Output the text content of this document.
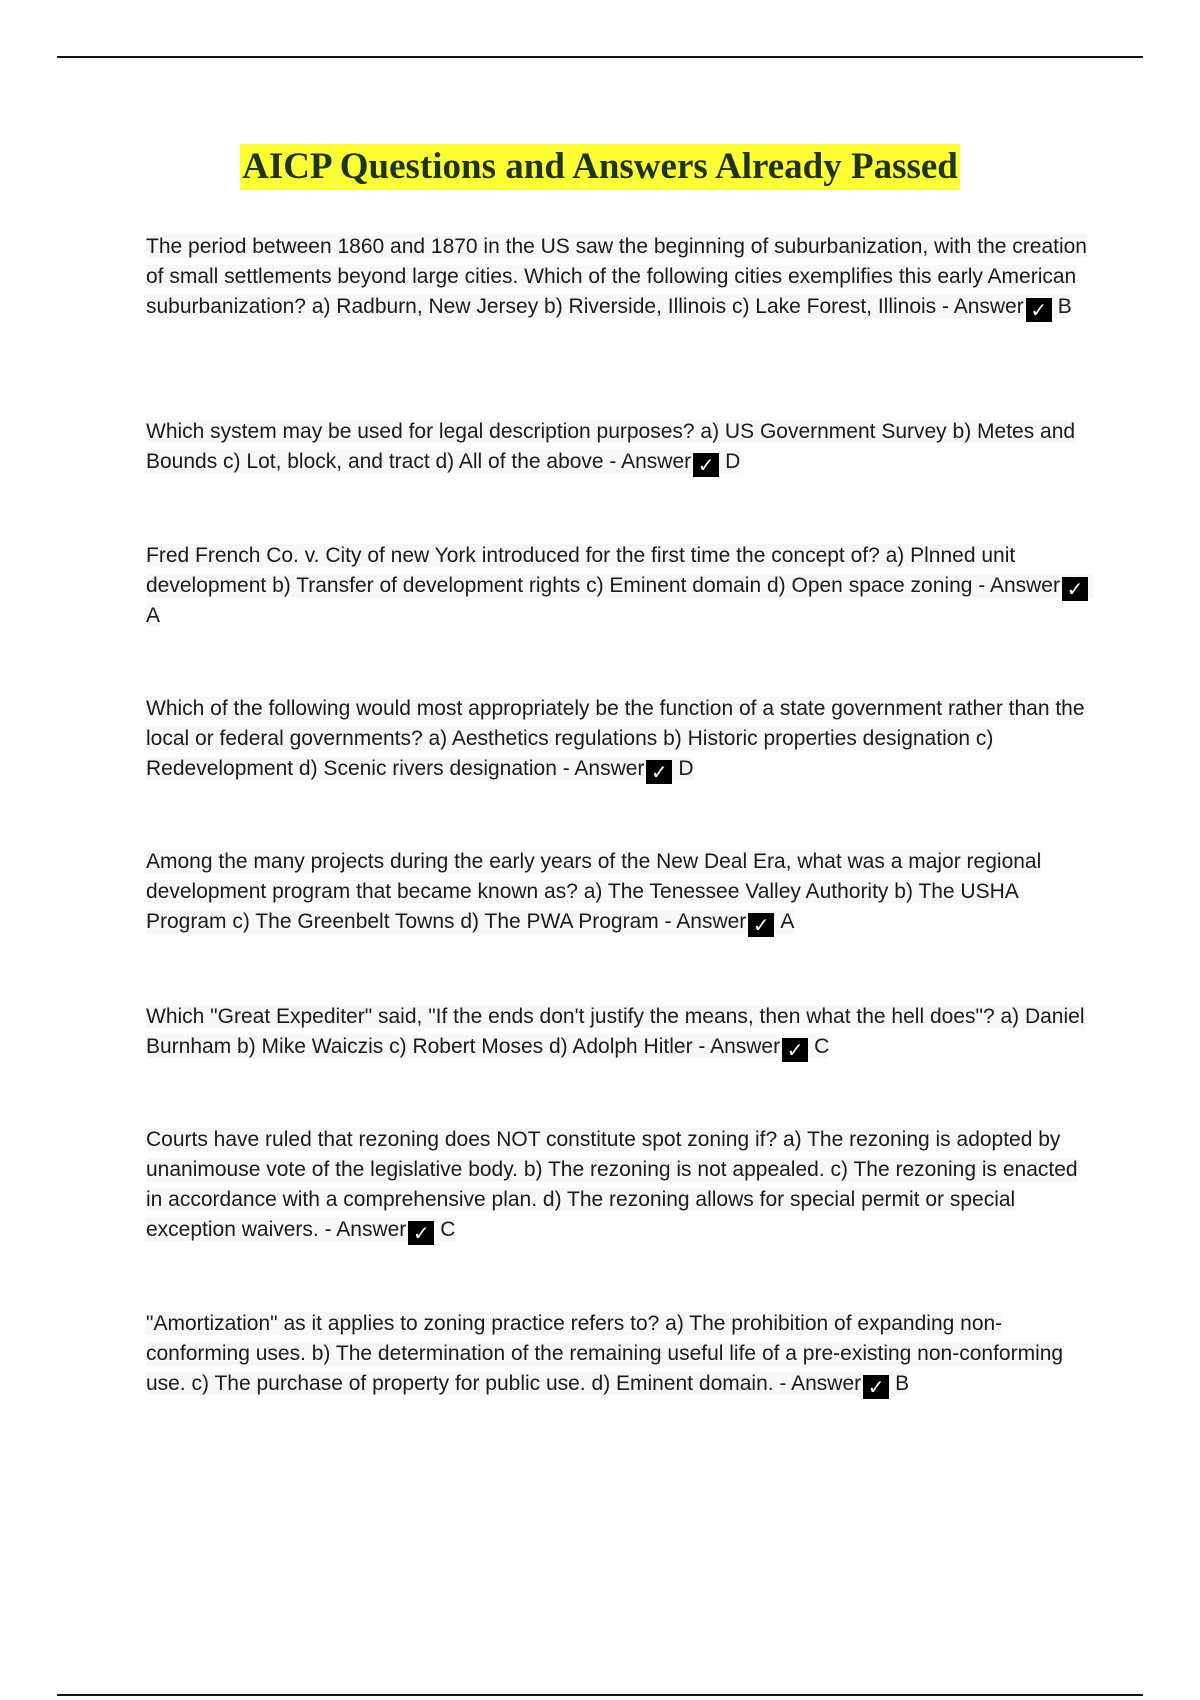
AICP Questions and Answers Already Passed
The period between 1860 and 1870 in the US saw the beginning of suburbanization, with the creation of small settlements beyond large cities. Which of the following cities exemplifies this early American suburbanization? a) Radburn, New Jersey b) Riverside, Illinois c) Lake Forest, Illinois - Answer ✓ B
Which system may be used for legal description purposes? a) US Government Survey b) Metes and Bounds c) Lot, block, and tract d) All of the above - Answer ✓ D
Fred French Co. v. City of new York introduced for the first time the concept of? a) Plnned unit development b) Transfer of development rights c) Eminent domain d) Open space zoning - Answer ✓A
Which of the following would most appropriately be the function of a state government rather than the local or federal governments? a) Aesthetics regulations b) Historic properties designation c) Redevelopment d) Scenic rivers designation - Answer ✓ D
Among the many projects during the early years of the New Deal Era, what was a major regional development program that became known as? a) The Tenessee Valley Authority b) The USHA Program c) The Greenbelt Towns d) The PWA Program - Answer ✓ A
Which "Great Expediter" said, "If the ends don't justify the means, then what the hell does"? a) Daniel Burnham b) Mike Waiczis c) Robert Moses d) Adolph Hitler - Answer ✓ C
Courts have ruled that rezoning does NOT constitute spot zoning if? a) The rezoning is adopted by unanimouse vote of the legislative body. b) The rezoning is not appealed. c) The rezoning is enacted in accordance with a comprehensive plan. d) The rezoning allows for special permit or special exception waivers. - Answer ✓ C
"Amortization" as it applies to zoning practice refers to? a) The prohibition of expanding non-conforming uses. b) The determination of the remaining useful life of a pre-existing non-conforming use. c) The purchase of property for public use. d) Eminent domain. - Answer ✓ B
